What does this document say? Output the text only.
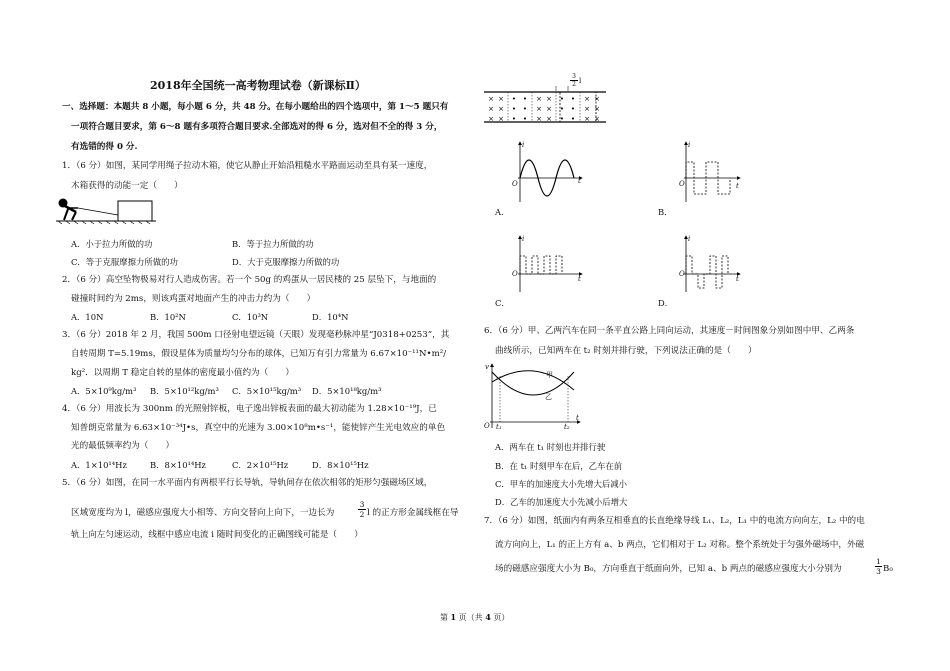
2018年全国统一高考物理试卷（新课标Ⅱ）
一、选择题：本题共 8 小题，每小题 6 分，共 48 分。在每小题给出的四个选项中，第 1～5 题只有
一项符合题目要求，第 6～8 题有多项符合题目要求.全部选对的得 6 分，选对但不全的得 3 分，
有选错的得 0 分.
1．（6 分）如图，某同学用绳子拉动木箱，使它从静止开始沿粗糙水平路面运动至具有某一速度，
木箱获得的动能一定（　　）
A．小于拉力所做的功	B．等于拉力所做的功
C．等于克服摩擦力所做的功	D．大于克服摩擦力所做的功
2．（6 分）高空坠物极易对行人造成伤害。若一个 50g 的鸡蛋从一居民楼的 25 层坠下，与地面的
碰撞时间约为 2ms，则该鸡蛋对地面产生的冲击力约为（　　）
A．10N	B．10²N	C．10³N	D．10⁴N
3．（6 分）2018 年 2 月，我国 500m 口径射电望远镜（天眼）发现毫秒脉冲星“J0318+0253”，其
自转周期 T=5.19ms，假设星体为质量均匀分布的球体，已知万有引力常量为 6.67×10⁻¹¹N•m²/
kg²．以周期 T 稳定自转的星体的密度最小值约为（　　）
A．5×10⁹kg/m³ B．5×10¹²kg/m³ C．5×10¹⁵kg/m³ D．5×10¹⁸kg/m³
4．（6 分）用波长为 300nm 的光照射锌板，电子逸出锌板表面的最大初动能为 1.28×10⁻¹⁹J，已
知普朗克常量为 6.63×10⁻³⁴J•s，真空中的光速为 3.00×10⁸m•s⁻¹，能使锌产生光电效应的单色
光的最低频率约为（　　）
A．1×10¹⁴Hz	B．8×10¹⁴Hz	C．2×10¹⁵Hz	D．8×10¹⁵Hz
5．（6 分）如图，在同一水平面内有两根平行长导轨，导轨间存在依次相邻的矩形匀强磁场区域，
区域宽度均为 l，磁感应强度大小相等、方向交替向上向下，一边长为	$\frac{3}{2}$ l 的正方形金属线框在导
轨上向左匀速运动，线框中感应电流 i 随时间变化的正确图线可能是（　　）
$\frac{3}{2}$ l
× ×
× ×
× ×
• •
• •
• •
× ×
× ×
× ×
• •
• •
• •
× ×
× ×
× ×
i
t
O
A．
i
t
O
B．
i
t
O
C．
i
t
O
D．
6．（6 分）甲、乙两汽车在同一条平直公路上同向运动，其速度－时间图象分别如图中甲、乙两条
曲线所示，已知两车在 t₂ 时刻并排行驶，下列说法正确的是（　　）
甲
乙
v
t
O t₁	t₂
A．两车在 t₁ 时刻也并排行驶
B．在 t₁ 时刻甲车在后，乙车在前
C．甲车的加速度大小先增大后减小
D．乙车的加速度大小先减小后增大
7．（6 分）如图，纸面内有两条互相垂直的长直绝缘导线 L₁、L₂，L₁ 中的电流方向向左，L₂ 中的电
流方向向上，L₁ 的正上方有 a、b 两点，它们相对于 L₂ 对称。整个系统处于匀强外磁场中，外磁
场的磁感应强度大小为 B₀，方向垂直于纸面向外，已知 a、b 两点的磁感应强度大小分别为	$\frac{1}{3} B_0$
第 1 页（共 4 页）
